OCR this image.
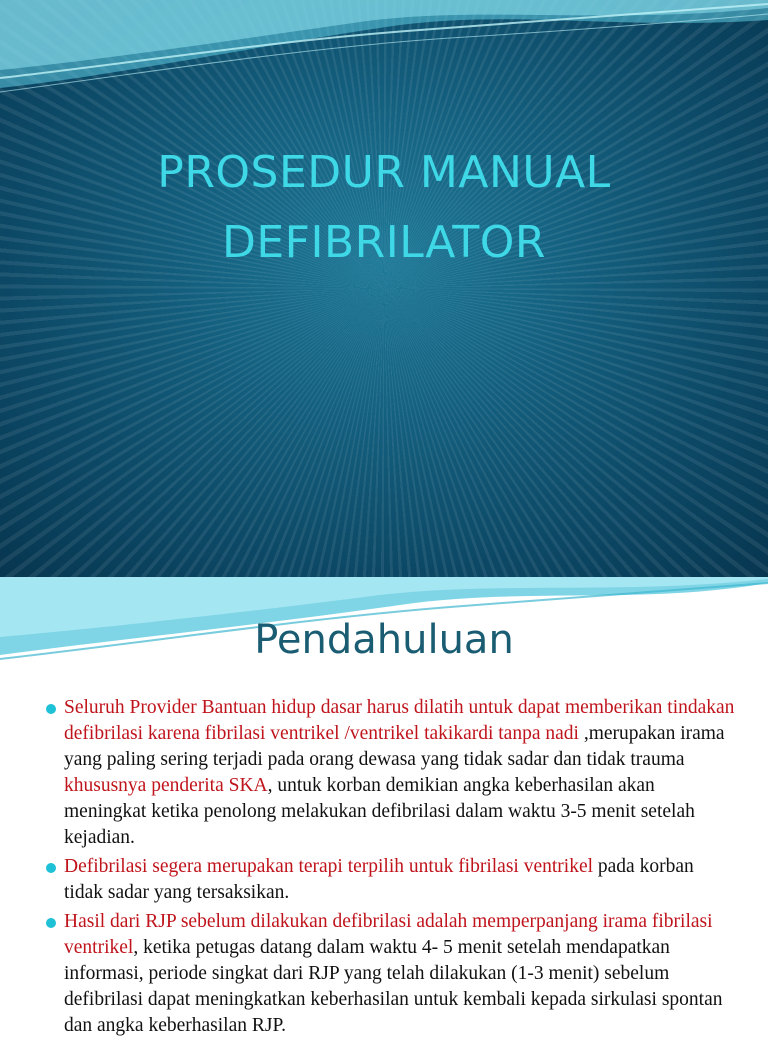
PROSEDUR MANUAL
DEFIBRILATOR
Pendahuluan
Seluruh Provider Bantuan hidup dasar harus dilatih untuk dapat memberikan tindakan defibrilasi karena fibrilasi ventrikel /ventrikel takikardi tanpa nadi ,merupakan irama yang paling sering terjadi pada orang dewasa yang tidak sadar dan tidak trauma khususnya penderita SKA, untuk korban demikian angka keberhasilan akan meningkat ketika penolong melakukan defibrilasi dalam waktu 3-5 menit setelah kejadian.
Defibrilasi segera merupakan terapi terpilih untuk fibrilasi ventrikel pada korban tidak sadar yang tersaksikan.
Hasil dari RJP sebelum dilakukan defibrilasi adalah memperpanjang irama fibrilasi ventrikel, ketika petugas datang dalam waktu 4- 5 menit setelah mendapatkan informasi, periode singkat dari RJP yang telah dilakukan (1-3 menit) sebelum defibrilasi dapat meningkatkan keberhasilan untuk kembali kepada sirkulasi spontan dan angka keberhasilan RJP.
